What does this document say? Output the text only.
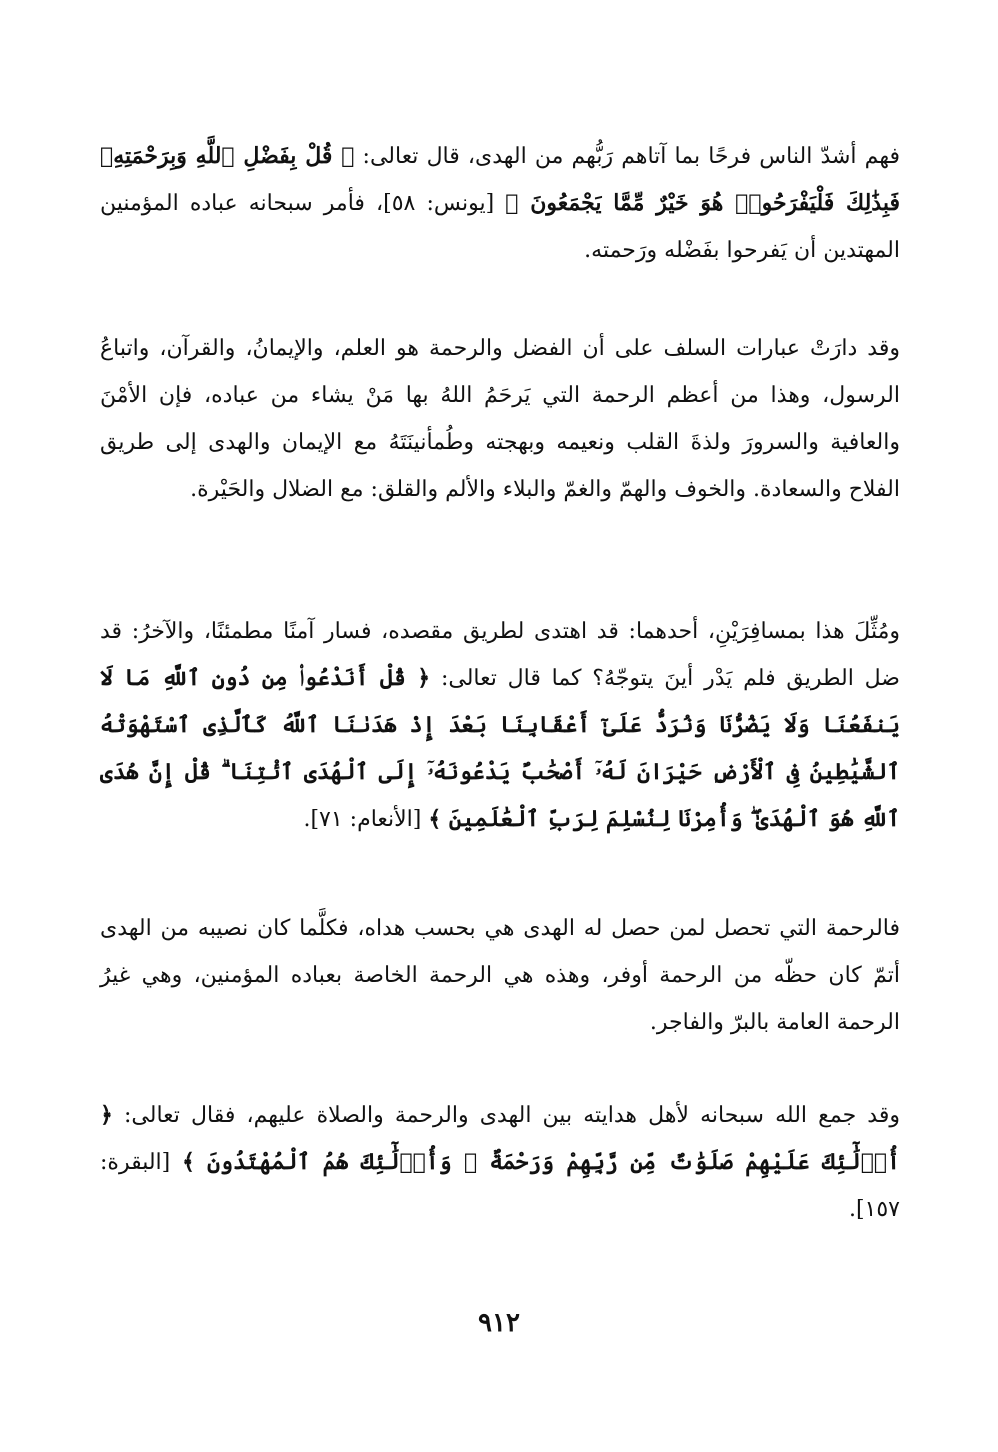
فهم أشدّ الناس فرحًا بما آتاهم رَبُّهم من الهدى، قال تعالى: ﴿ قُلْ بِفَضْلِ ٱللَّهِ وَبِرَحْمَتِهِۦ فَبِذَٰلِكَ فَلْيَفْرَحُوا۟ هُوَ خَيْرٌ مِّمَّا يَجْمَعُونَ ﴾ [يونس: ٥٨]، فأمر سبحانه عباده المؤمنين المهتدين أن يَفرحوا بفَضْله ورَحمته.

وقد دارَتْ عبارات السلف على أن الفضل والرحمة هو العلم، والإيمانُ، والقرآن، واتباعُ الرسول، وهذا من أعظم الرحمة التي يَرحَمُ اللهُ بها مَنْ يشاء من عباده، فإن الأمْنَ والعافية والسرورَ ولذةَ القلب ونعيمه وبهجته وطُمأنينَتَهُ مع الإيمان والهدى إلى طريق الفلاح والسعادة. والخوف والهمّ والغمّ والبلاء والألم والقلق: مع الضلال والحَيْرة.

ومُثِّلَ هذا بمسافِرَيْنِ، أحدهما: قد اهتدى لطريق مقصده، فسار آمنًا مطمئنًا، والآخرُ: قد ضل الطريق فلم يَدْر أينَ يتوجّهُ؟ كما قال تعالى: ﴿ قُلْ أَنَدْعُوا۟ مِن دُونِ ٱللَّهِ مَا لَا يَنفَعُنَا وَلَا يَضُرُّنَا وَنُرَدُّ عَلَىٰٓ أَعْقَابِنَا بَعْدَ إِذْ هَدَىٰنَا ٱللَّهُ كَٱلَّذِى ٱسْتَهْوَتْهُ ٱلشَّيَٰطِينُ فِى ٱلْأَرْضِ حَيْرَانَ لَهُۥٓ أَصْحَٰبٌ يَدْعُونَهُۥٓ إِلَى ٱلْهُدَى ٱئْتِنَا ۗ قُلْ إِنَّ هُدَى ٱللَّهِ هُوَ ٱلْهُدَىٰ ۖ وَأُمِرْنَا لِنُسْلِمَ لِرَبِّ ٱلْعَٰلَمِينَ ﴾ [الأنعام: ٧١].

فالرحمة التي تحصل لمن حصل له الهدى هي بحسب هداه، فكلَّما كان نصيبه من الهدى أتمّ كان حظّه من الرحمة أوفر، وهذه هي الرحمة الخاصة بعباده المؤمنين، وهي غيرُ الرحمة العامة بالبرّ والفاجر.

وقد جمع الله سبحانه لأهل هدايته بين الهدى والرحمة والصلاة عليهم، فقال تعالى: ﴿ أُو۟لَٰٓئِكَ عَلَيْهِمْ صَلَوَٰتٌ مِّن رَّبِّهِمْ وَرَحْمَةٌ ۖ وَأُو۟لَٰٓئِكَ هُمُ ٱلْمُهْتَدُونَ ﴾ [البقرة: ١٥٧].

٩١٢
